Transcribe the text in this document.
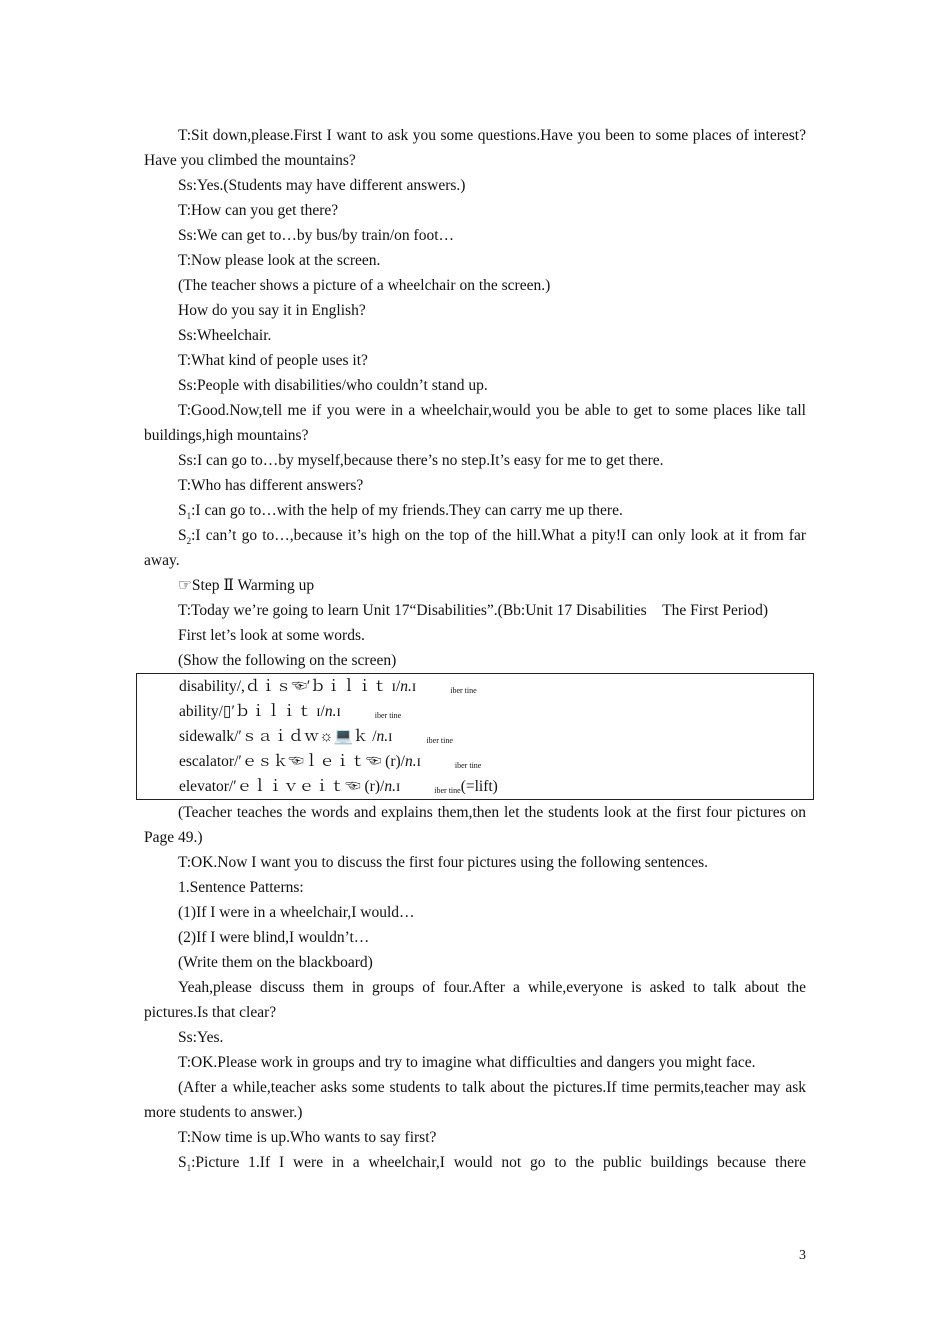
T:Sit down,please.First I want to ask you some questions.Have you been to some places of interest?Have you climbed the mountains?

Ss:Yes.(Students may have different answers.)

T:How can you get there?

Ss:We can get to…by bus/by train/on foot…

T:Now please look at the screen.

(The teacher shows a picture of a wheelchair on the screen.)

How do you say it in English?

Ss:Wheelchair.

T:What kind of people uses it?

Ss:People with disabilities/who couldn’t stand up.

T:Good.Now,tell me if you were in a wheelchair,would you be able to get to some places like tall buildings,high mountains?

Ss:I can go to…by myself,because there’s no step.It’s easy for me to get there.

T:Who has different answers?

$S_1:I$ can go to…with the help of my friends.They can carry me up there.

$S_2:I$ can’t go to…,because it’s high on the top of the hill.What a pity!I can only look at it from far away.

☞Step Ⅱ Warming up

T:Today we’re going to learn Unit 17“Disabilities”.(Bb:Unit 17 Disabilities　The First Period)

First let’s look at some words.

(Show the following on the screen)

disability/,ｄｉｓ☜′ｂｉｌｉｔ ɪ/n.ɪ	iber tine

ability/▯′ｂｉｌｉｔ ɪ/n.ɪ	iber tine

sidewalk/′ｓａｉｄｗ☼💻ｋ /n.ɪ	iber tine

escalator/′ｅｓｋ☜ｌｅｉｔ☜ (r)/n.ɪ	iber tine

elevator/′ｅｌｉｖｅｉｔ☜ (r)/n.ɪ	iber tine(=lift)

(Teacher teaches the words and explains them,then let the students look at the first four pictures on Page 49.)

T:OK.Now I want you to discuss the first four pictures using the following sentences.

1.Sentence Patterns:

(1)If I were in a wheelchair,I would…

(2)If I were blind,I wouldn’t…

(Write them on the blackboard)

Yeah,please discuss them in groups of four.After a while,everyone is asked to talk about the pictures.Is that clear?

Ss:Yes.

T:OK.Please work in groups and try to imagine what difficulties and dangers you might face.

(After a while,teacher asks some students to talk about the pictures.If time permits,teacher may ask more students to answer.)

T:Now time is up.Who wants to say first?

$S_1:Picture$ 1.If I were in a wheelchair,I would not go to the public buildings because there

3
